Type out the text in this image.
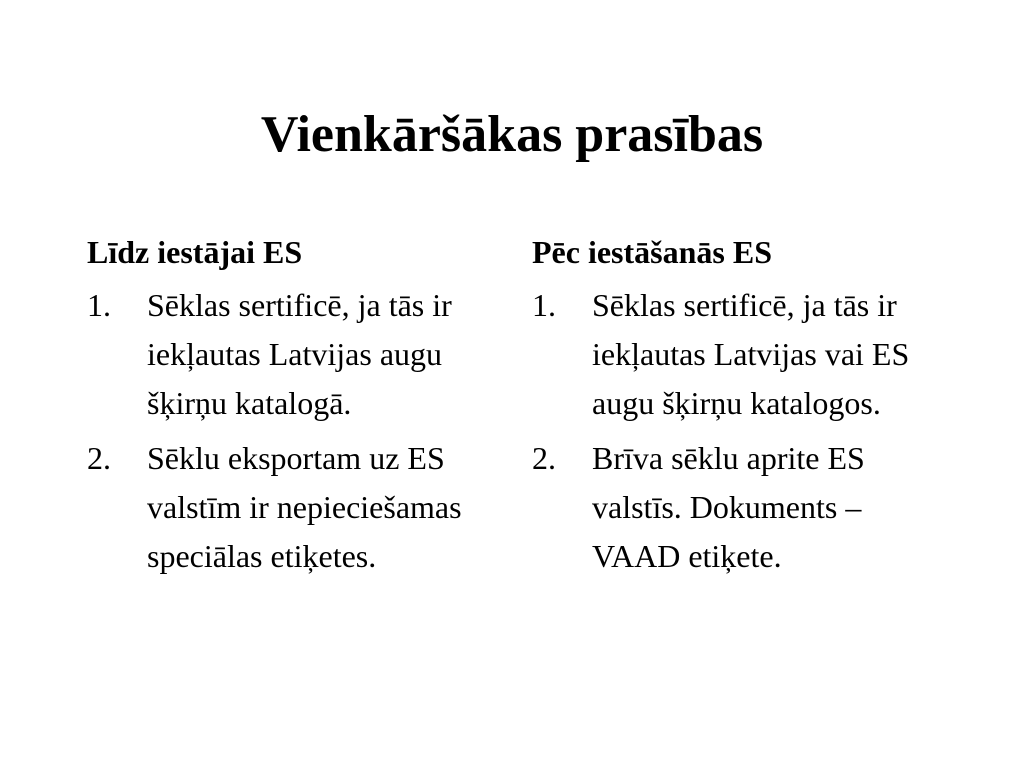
Vienkāršākas prasības
Līdz iestājai ES
1.	Sēklas sertificē, ja tās ir iekļautas Latvijas augu šķirņu katalogā.
2.	Sēklu eksportam uz ES valstīm ir nepieciešamas speciālas etiķetes.
Pēc iestāšanās ES
1.	Sēklas sertificē, ja tās ir iekļautas Latvijas vai ES augu šķirņu katalogos.
2.	Brīva sēklu aprite ES valstīs. Dokuments – VAAD etiķete.
